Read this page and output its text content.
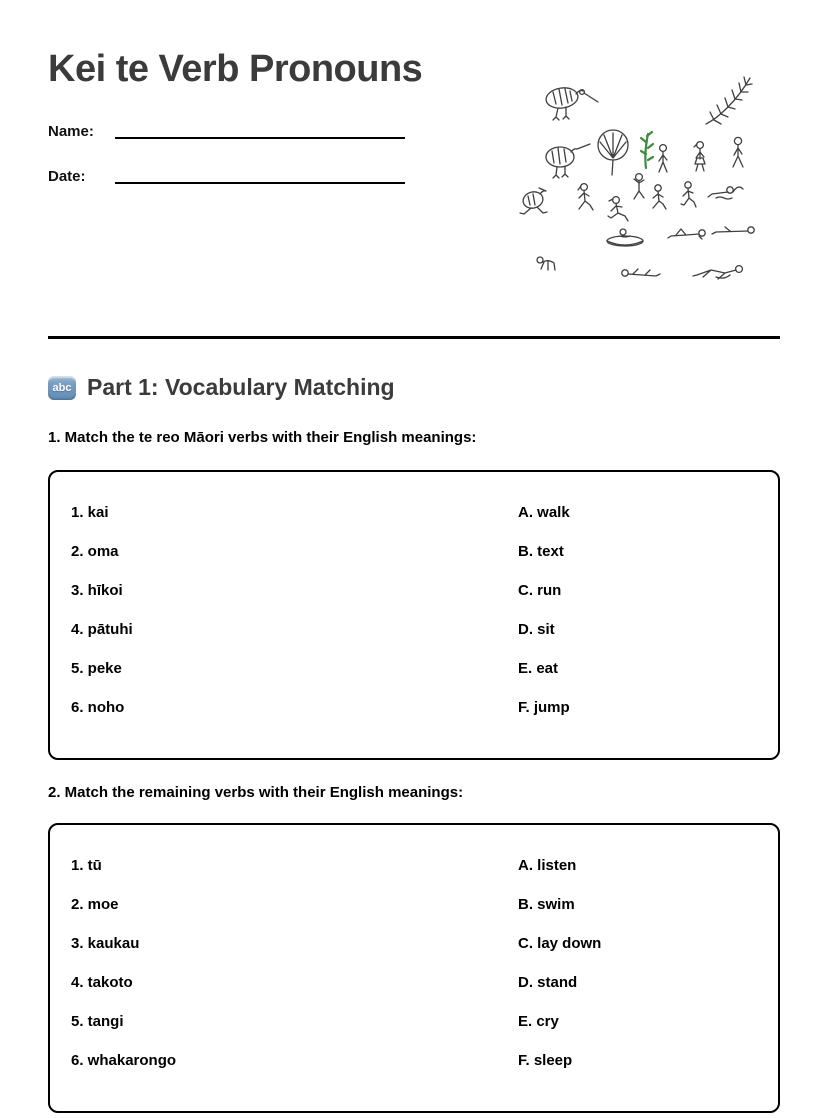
Kei te Verb Pronouns
Name:
Date:
abc Part 1: Vocabulary Matching

1. Match the te reo Māori verbs with their English meanings:

1. kai	A. walk
2. oma	B. text
3. hīkoi	C. run
4. pātuhi	D. sit
5. peke	E. eat
6. noho	F. jump

2. Match the remaining verbs with their English meanings:

1. tū	A. listen
2. moe	B. swim
3. kaukau	C. lay down
4. takoto	D. stand
5. tangi	E. cry
6. whakarongo	F. sleep
